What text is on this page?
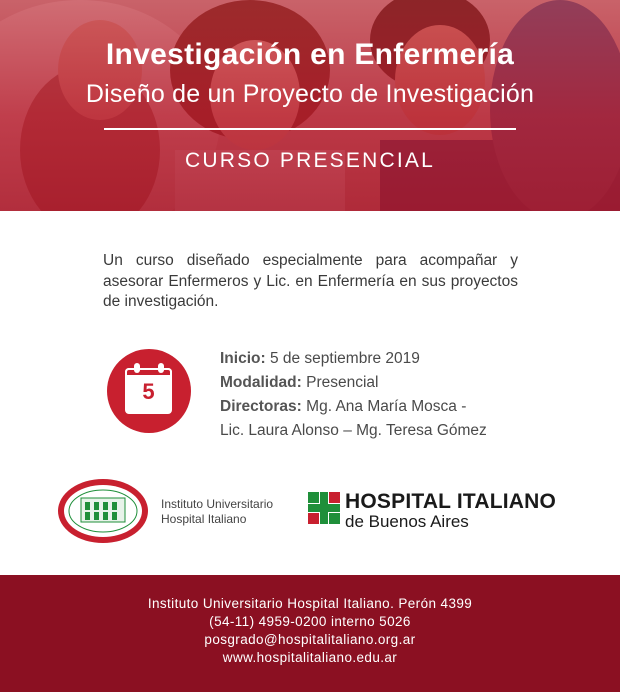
Investigación en Enfermería
Diseño de un Proyecto de Investigación
CURSO PRESENCIAL
Un curso diseñado especialmente para acompañar y asesorar Enfermeros y Lic. en Enfermería en sus proyectos de investigación.
5
Inicio: 5 de septiembre 2019
Modalidad: Presencial
Directoras: Mg. Ana María Mosca -
Lic. Laura Alonso – Mg. Teresa Gómez
Instituto Universitario
Hospital Italiano
HOSPITAL ITALIANO
de Buenos Aires
Instituto Universitario Hospital Italiano. Perón 4399
(54-11) 4959-0200 interno 5026
posgrado@hospitalitaliano.org.ar
www.hospitalitaliano.edu.ar
